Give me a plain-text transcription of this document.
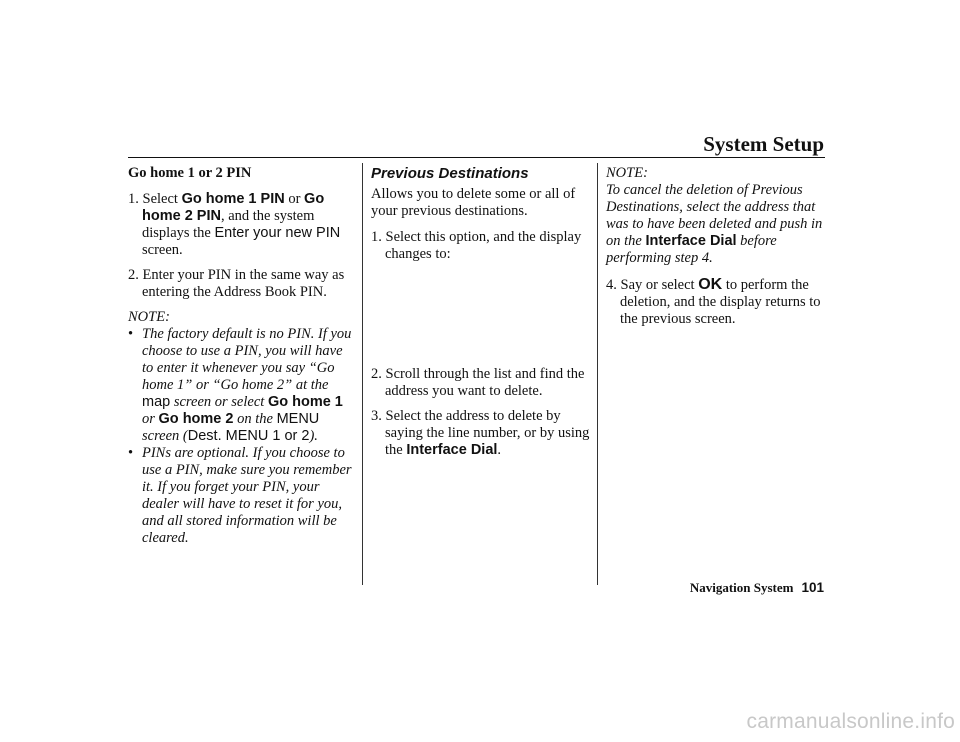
System Setup

Go home 1 or 2 PIN

1. Select Go home 1 PIN or Go home 2 PIN, and the system displays the Enter your new PIN screen.

2. Enter your PIN in the same way as entering the Address Book PIN.

NOTE:

• The factory default is no PIN. If you choose to use a PIN, you will have to enter it whenever you say “Go home 1” or “Go home 2” at the map screen or select Go home 1 or Go home 2 on the MENU screen (Dest. MENU 1 or 2).
• PINs are optional. If you choose to use a PIN, make sure you remember it. If you forget your PIN, your dealer will have to reset it for you, and all stored information will be cleared.

Previous Destinations

Allows you to delete some or all of your previous destinations.

1. Select this option, and the display changes to:

2. Scroll through the list and find the address you want to delete.

3. Select the address to delete by saying the line number, or by using the Interface Dial.

NOTE:

To cancel the deletion of Previous Destinations, select the address that was to have been deleted and push in on the Interface Dial before performing step 4.

4. Say or select OK to perform the deletion, and the display returns to the previous screen.

Navigation System 101
carmanualsonline.info
